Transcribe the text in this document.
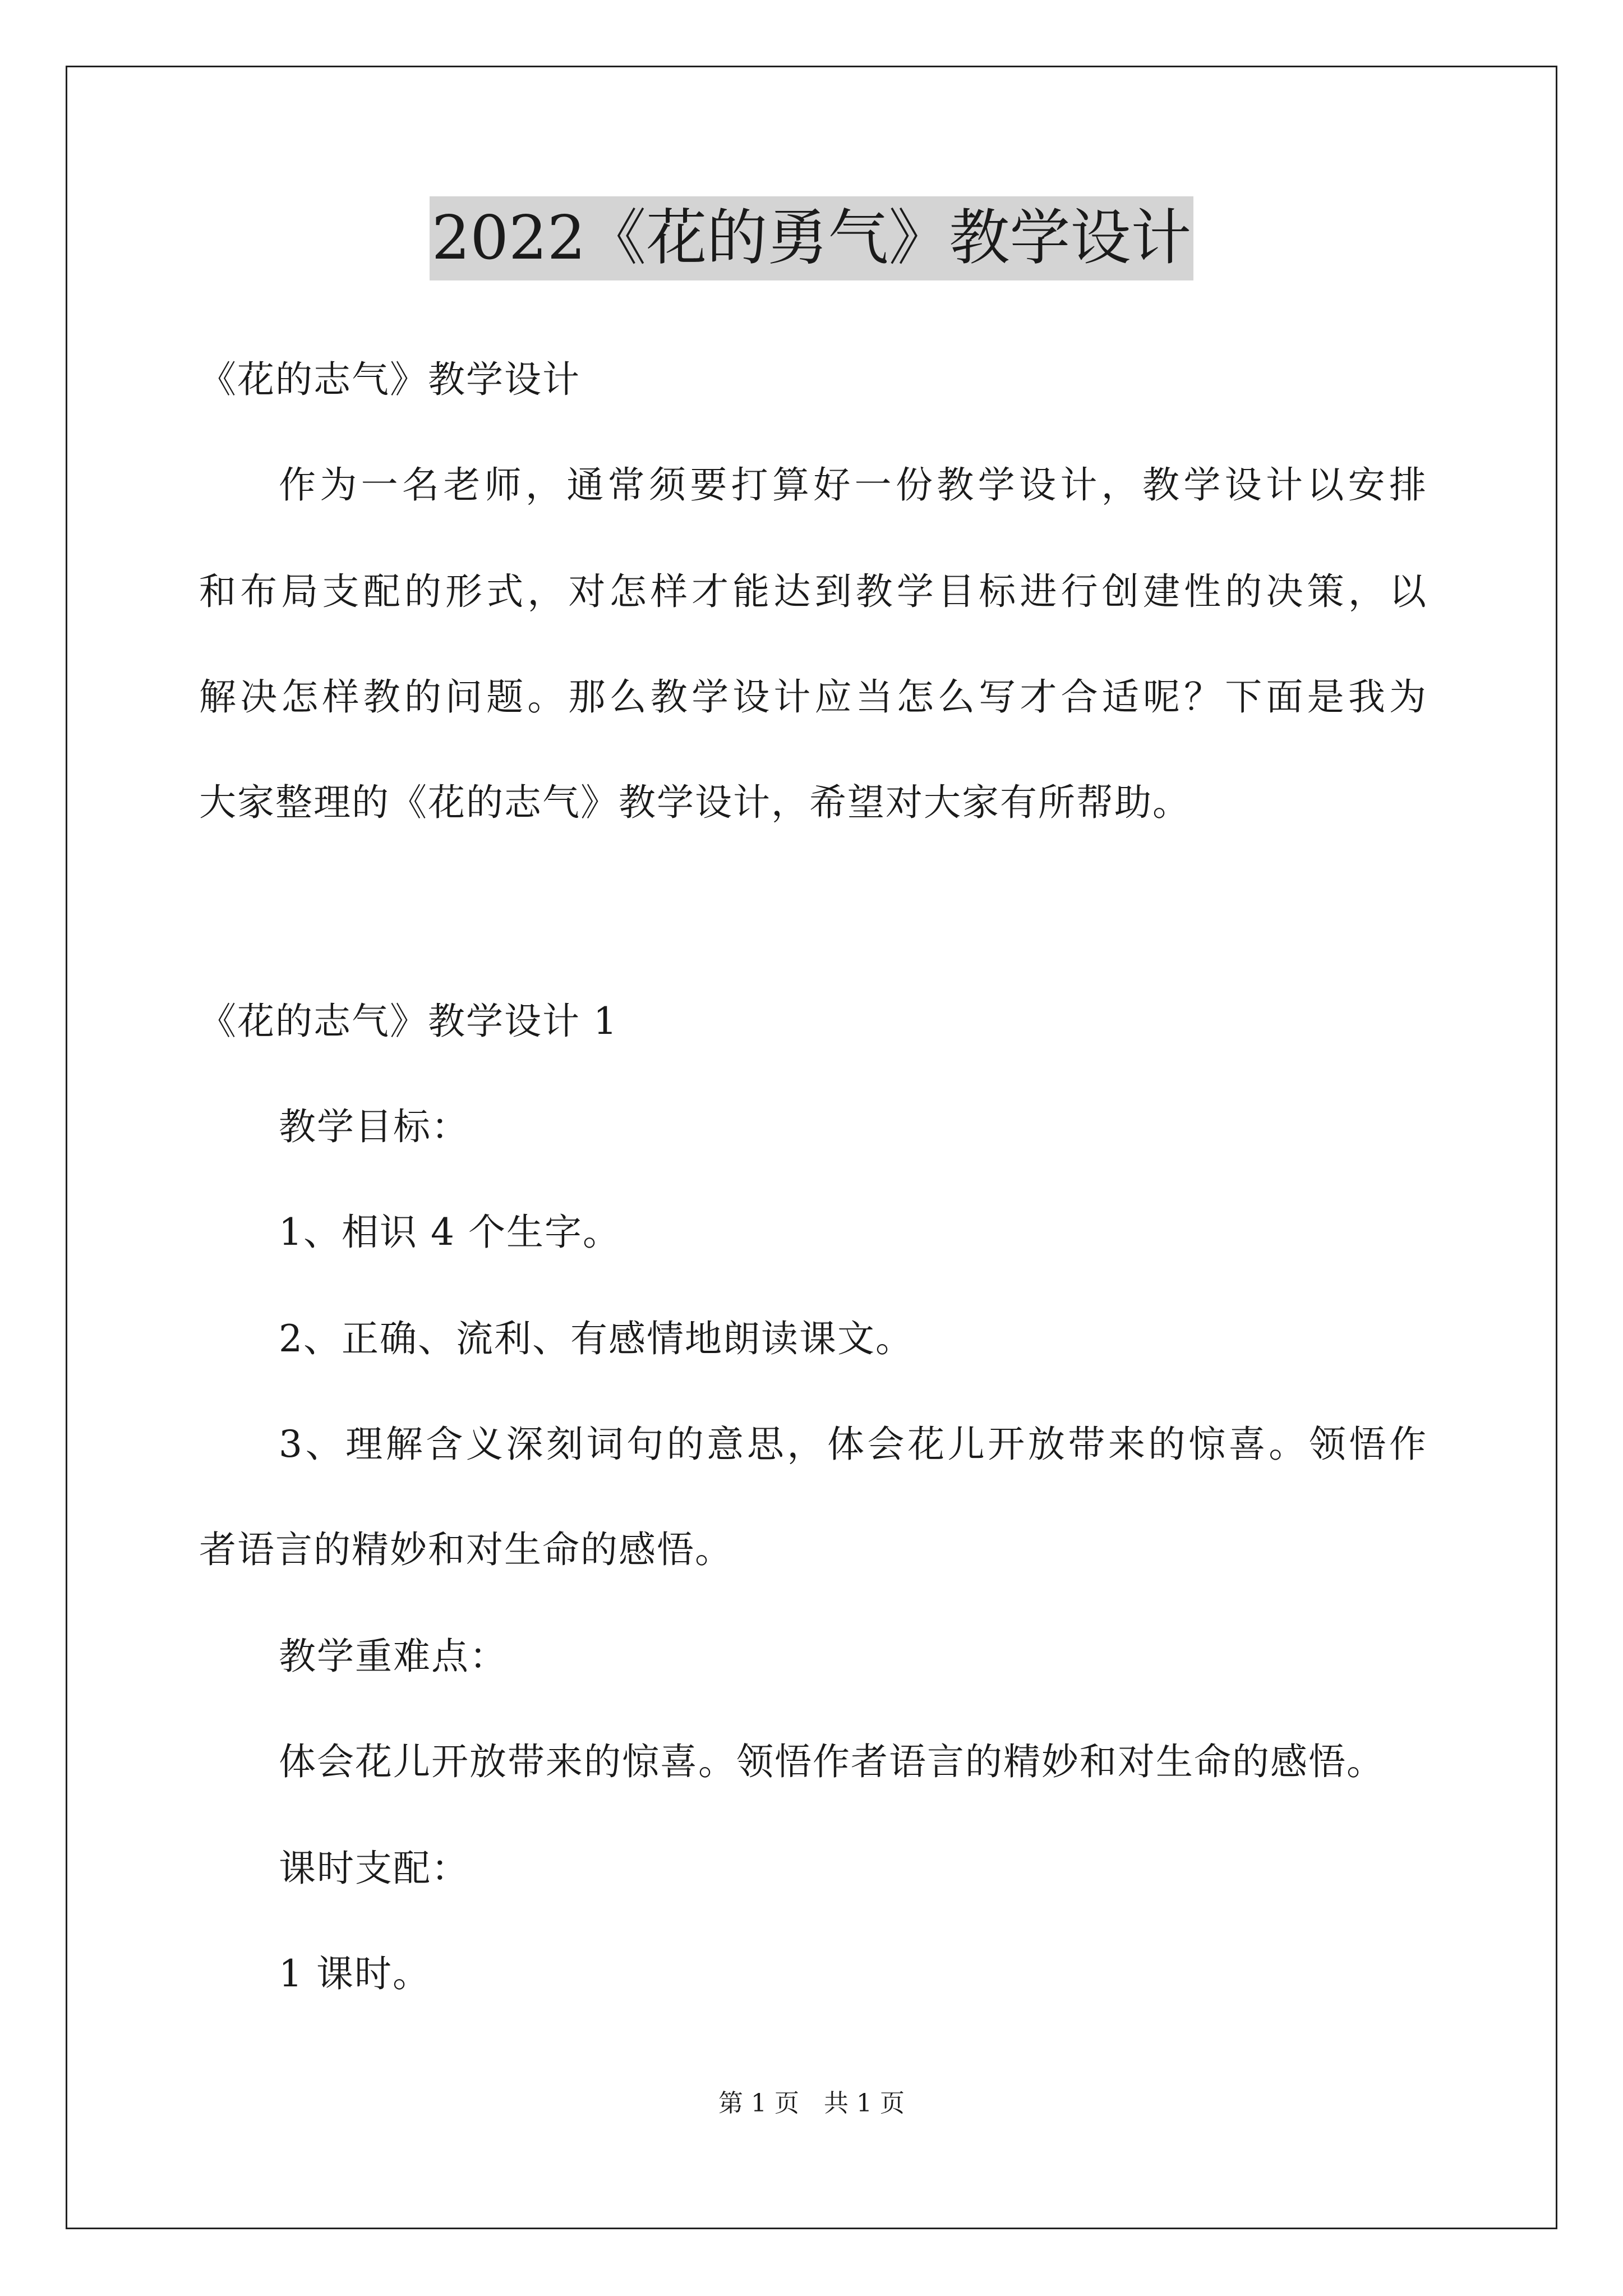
2022《花的勇气》教学设计
《花的志气》教学设计
作为一名老师，通常须要打算好一份教学设计，教学设计以安排
和布局支配的形式，对怎样才能达到教学目标进行创建性的决策，以
解决怎样教的问题。那么教学设计应当怎么写才合适呢？下面是我为
大家整理的《花的志气》教学设计，希望对大家有所帮助。
《花的志气》教学设计 1
教学目标：
1、相识 4 个生字。
2、正确、流利、有感情地朗读课文。
3、理解含义深刻词句的意思，体会花儿开放带来的惊喜。领悟作
者语言的精妙和对生命的感悟。
教学重难点：
体会花儿开放带来的惊喜。领悟作者语言的精妙和对生命的感悟。
课时支配：
1 课时。
第 1 页　共 1 页
